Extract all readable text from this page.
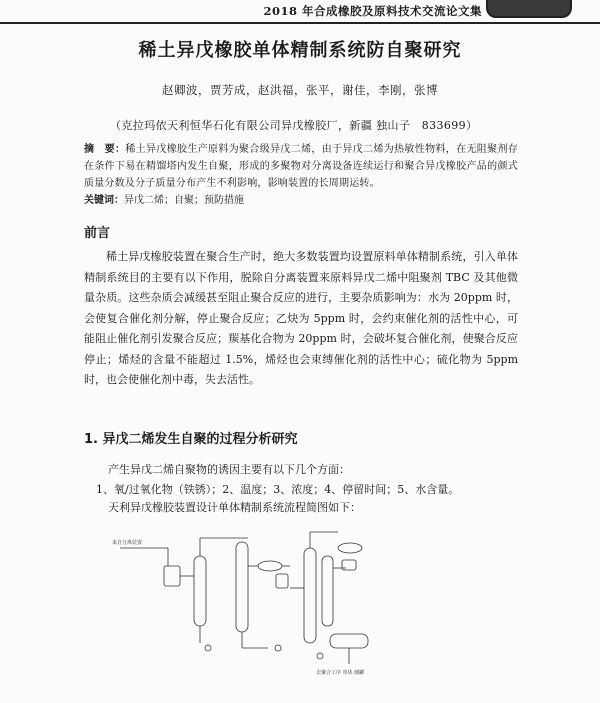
2018 年合成橡胶及原料技术交流论文集
稀土异戊橡胶单体精制系统防自聚研究
赵卿波，贾芳成，赵洪福，张平，谢佳，李刚，张博
（克拉玛依天利恒华石化有限公司异戊橡胶厂，新疆 独山子　833699）
摘　要：稀土异戊橡胶生产原料为聚合级异戊二烯，由于异戊二烯为热敏性物料，在无阻聚剂存在条件下易在精馏塔内发生自聚，形成的多聚物对分离设备连续运行和聚合异戊橡胶产品的颜式质量分数及分子质量分布产生不利影响，影响装置的长周期运转。
关键词：异戊二烯；自聚；预防措施
前言
稀土异戊橡胶装置在聚合生产时，绝大多数装置均设置原料单体精制系统，引入单体精制系统目的主要有以下作用，脱除自分离装置来原料异戊二烯中阻聚剂 TBC 及其他微量杂质。这些杂质会减缓甚至阻止聚合反应的进行，主要杂质影响为：水为 20ppm 时，会使复合催化剂分解，停止聚合反应；乙炔为 5ppm 时，会约束催化剂的活性中心，可能阻止催化剂引发聚合反应；羰基化合物为 20ppm 时，会破坏复合催化剂，使聚合反应停止；烯烃的含量不能超过 1.5%，烯烃也会束缚催化剂的活性中心；硫化物为 5ppm 时，也会使催化剂中毒，失去活性。
1. 异戊二烯发生自聚的过程分析研究
产生异戊二烯自聚物的诱因主要有以下几个方面：
1、氧/过氧化物（铁锈）；2、温度；3、浓度；4、停留时间；5、水含量。
天利异戊橡胶装置设计单体精制系统流程简图如下：
来自分离装置
去聚合工序 单体 储罐
